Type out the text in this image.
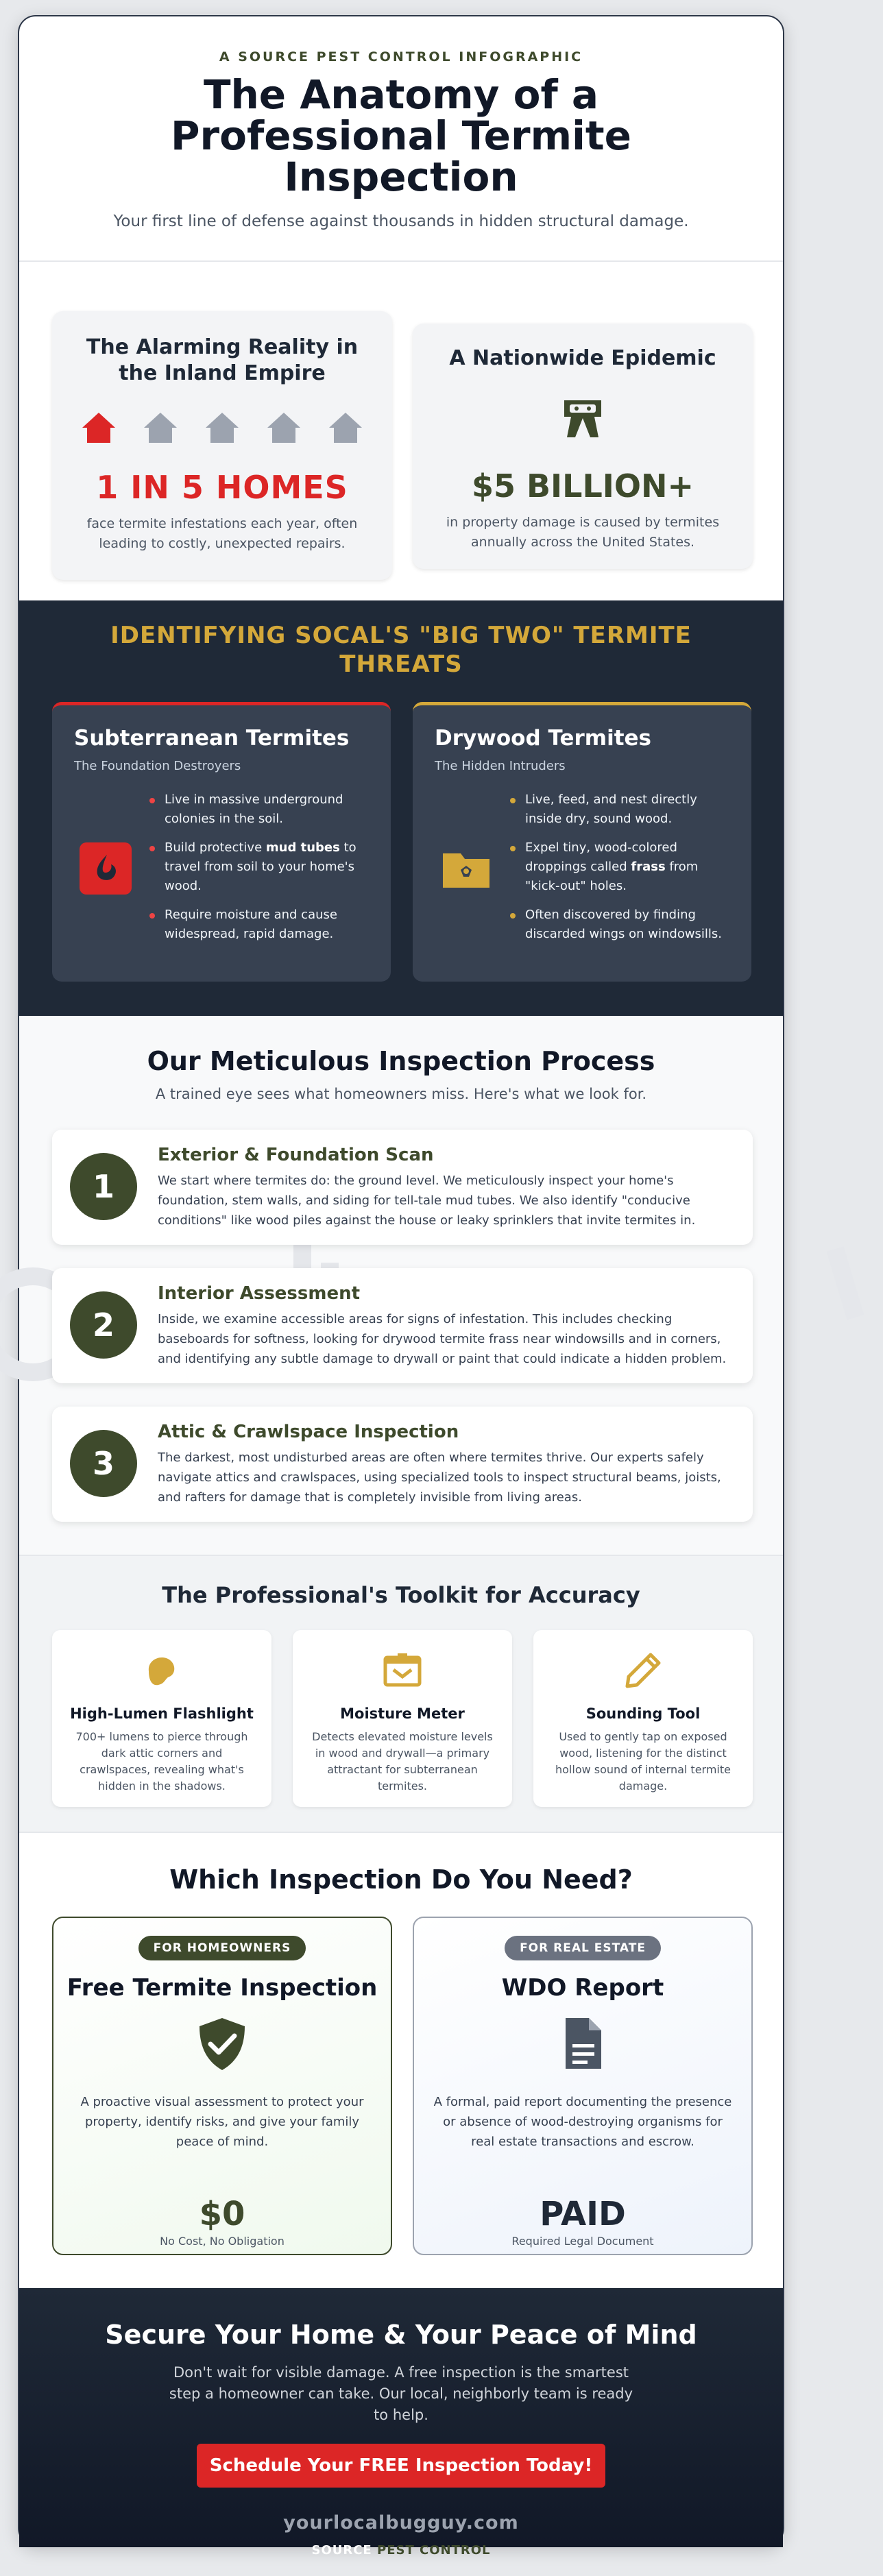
A SOURCE PEST CONTROL INFOGRAPHIC
The Anatomy of a Professional Termite Inspection

Your first line of defense against thousands in hidden structural damage.

The Alarming Reality in the Inland Empire
1 IN 5 HOMES
face termite infestations each year, often leading to costly, unexpected repairs.
A Nationwide Epidemic
$5 BILLION+
in property damage is caused by termites annually across the United States.
IDENTIFYING SOCAL'S "BIG TWO" TERMITE THREATS
Subterranean Termites
The Foundation Destroyers
Live in massive underground colonies in the soil.
Build protective mud tubes to travel from soil to your home's wood.
Require moisture and cause widespread, rapid damage.
Drywood Termites
The Hidden Intruders
Live, feed, and nest directly inside dry, sound wood.
Expel tiny, wood-colored droppings called frass from "kick-out" holes.
Often discovered by finding discarded wings on windowsills.
Our Meticulous Inspection Process

A trained eye sees what homeowners miss. Here's what we look for.

1
Exterior & Foundation Scan
We start where termites do: the ground level. We meticulously inspect your home's foundation, stem walls, and siding for tell-tale mud tubes. We also identify "conducive conditions" like wood piles against the house or leaky sprinklers that invite termites in.
2
Interior Assessment
Inside, we examine accessible areas for signs of infestation. This includes checking baseboards for softness, looking for drywood termite frass near windowsills and in corners, and identifying any subtle damage to drywall or paint that could indicate a hidden problem.
3
Attic & Crawlspace Inspection
The darkest, most undisturbed areas are often where termites thrive. Our experts safely navigate attics and crawlspaces, using specialized tools to inspect structural beams, joists, and rafters for damage that is completely invisible from living areas.
The Professional's Toolkit for Accuracy
High-Lumen Flashlight
700+ lumens to pierce through dark attic corners and crawlspaces, revealing what's hidden in the shadows.
Moisture Meter
Detects elevated moisture levels in wood and drywall—a primary attractant for subterranean termites.
Sounding Tool
Used to gently tap on exposed wood, listening for the distinct hollow sound of internal termite damage.
Which Inspection Do You Need?
FOR HOMEOWNERS
Free Termite Inspection
A proactive visual assessment to protect your property, identify risks, and give your family peace of mind.
$0
No Cost, No Obligation
FOR REAL ESTATE
WDO Report
A formal, paid report documenting the presence or absence of wood-destroying organisms for real estate transactions and escrow.
PAID
Required Legal Document
Secure Your Home & Your Peace of Mind

Don't wait for visible damage. A free inspection is the smartest step a homeowner can take. Our local, neighborly team is ready to help.

Schedule Your FREE Inspection Today!
yourlocalbugguy.com
SOURCE PEST CONTROL
